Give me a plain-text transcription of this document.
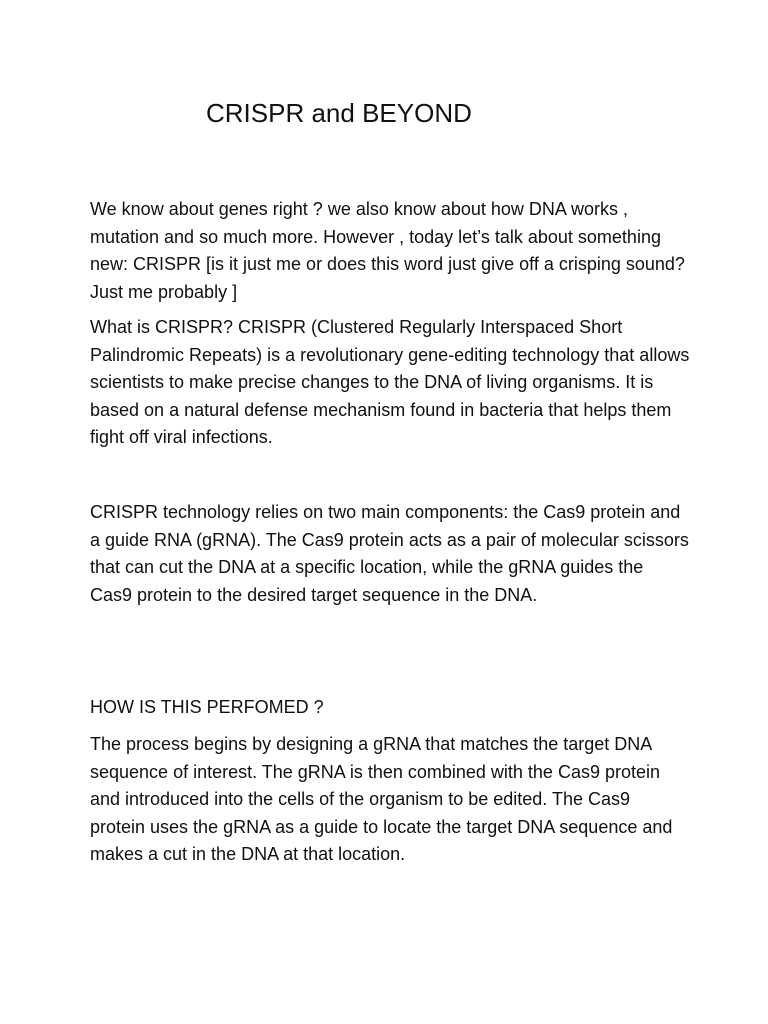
CRISPR and BEYOND

We know about genes right ? we also know about how DNA works , mutation and so much more. However , today let’s talk about something new: CRISPR [is it just me or does this word just give off a crisping sound? Just me probably ]

What is CRISPR? CRISPR (Clustered Regularly Interspaced Short Palindromic Repeats) is a revolutionary gene-editing technology that allows scientists to make precise changes to the DNA of living organisms. It is based on a natural defense mechanism found in bacteria that helps them fight off viral infections.

CRISPR technology relies on two main components: the Cas9 protein and a guide RNA (gRNA). The Cas9 protein acts as a pair of molecular scissors that can cut the DNA at a specific location, while the gRNA guides the Cas9 protein to the desired target sequence in the DNA.

HOW IS THIS PERFOMED ?

The process begins by designing a gRNA that matches the target DNA sequence of interest. The gRNA is then combined with the Cas9 protein and introduced into the cells of the organism to be edited. The Cas9 protein uses the gRNA as a guide to locate the target DNA sequence and makes a cut in the DNA at that location.
